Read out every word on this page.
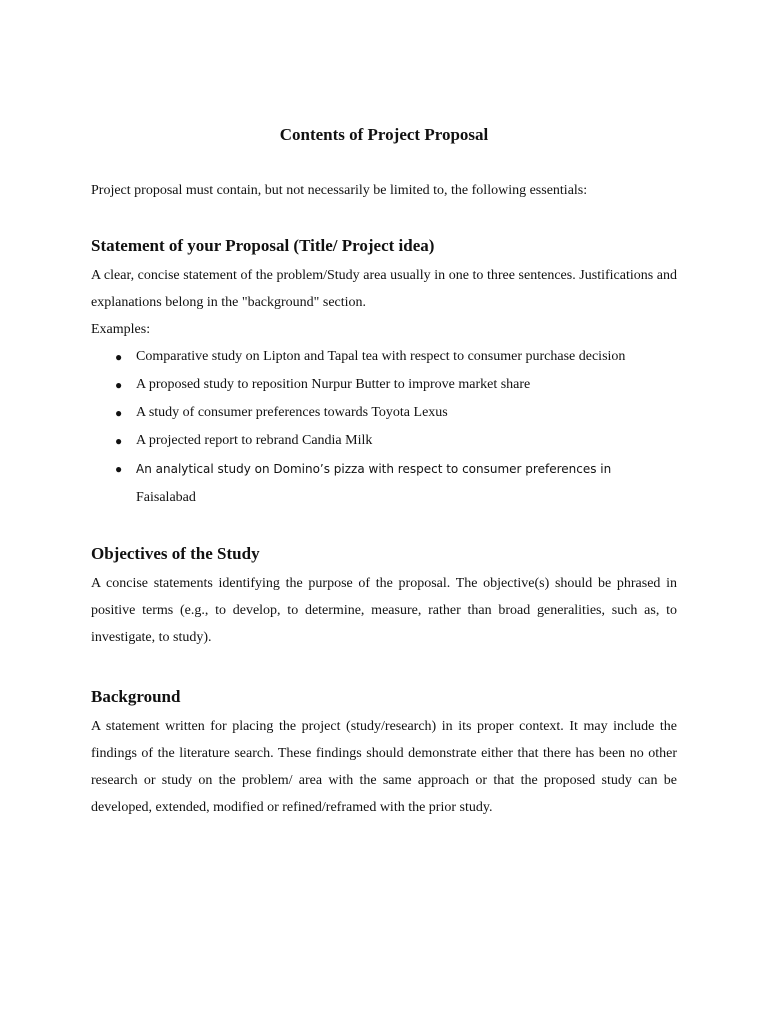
Contents of Project Proposal

Project proposal must contain, but not necessarily be limited to, the following essentials:

Statement of your Proposal (Title/ Project idea)

A clear, concise statement of the problem/Study area usually in one to three sentences. Justifications and explanations belong in the "background" section.

Examples:

● Comparative study on Lipton and Tapal tea with respect to consumer purchase decision
● A proposed study to reposition Nurpur Butter to improve market share
● A study of consumer preferences towards Toyota Lexus
● A projected report to rebrand Candia Milk
● An analytical study on Domino’s pizza with respect to consumer preferences in
Faisalabad
Objectives of the Study

A concise statements identifying the purpose of the proposal. The objective(s) should be phrased in positive terms (e.g., to develop, to determine, measure, rather than broad generalities, such as, to investigate, to study).

Background

A statement written for placing the project (study/research) in its proper context. It may include the findings of the literature search. These findings should demonstrate either that there has been no other research or study on the problem/ area with the same approach or that the proposed study can be developed, extended, modified or refined/reframed with the prior study.
